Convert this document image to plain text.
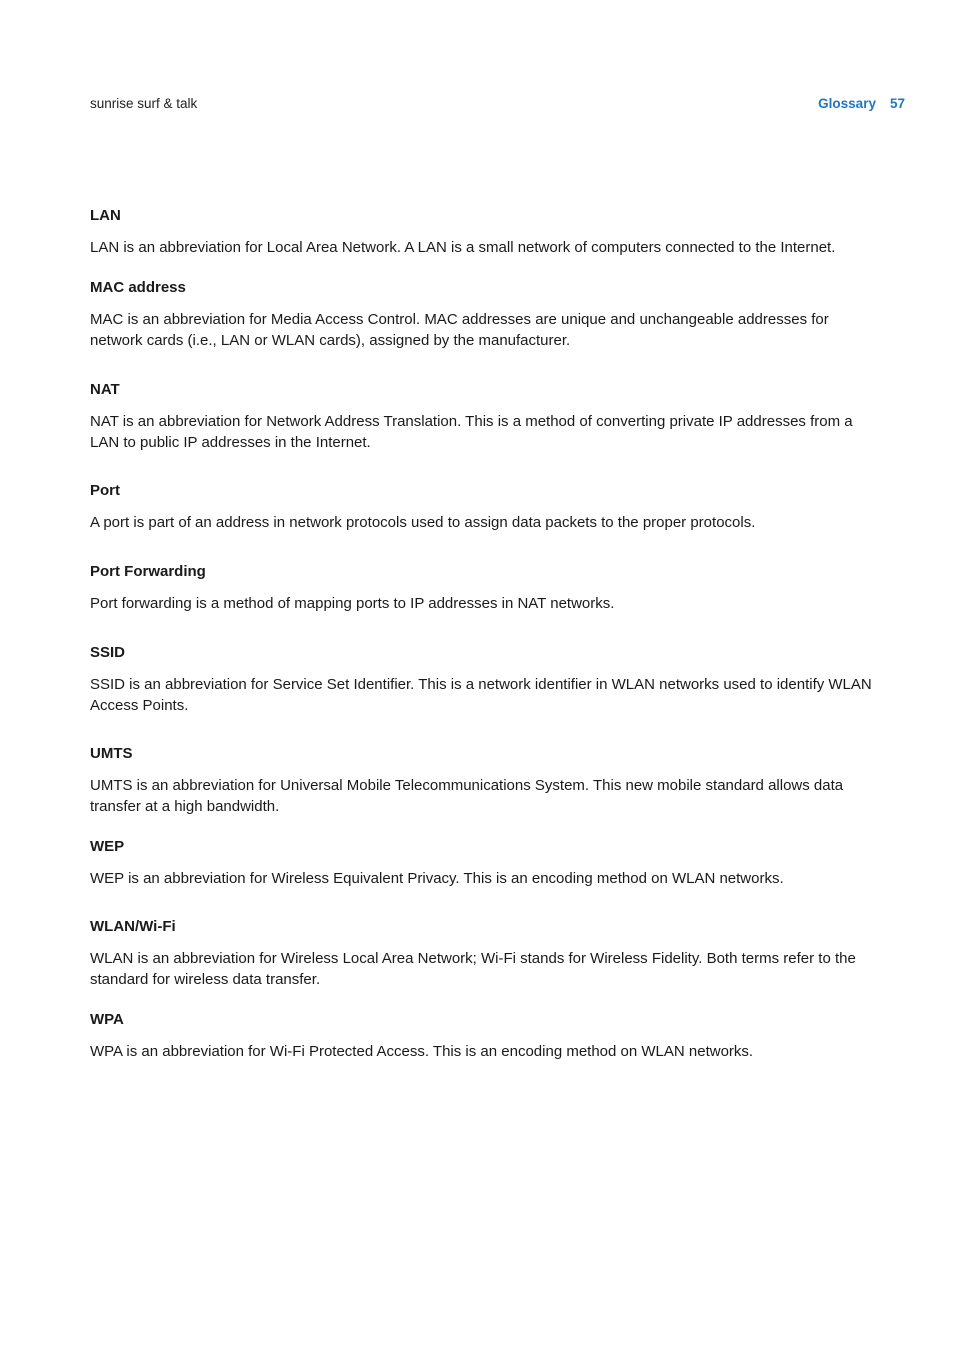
sunrise surf & talk	Glossary 57
LAN
LAN is an abbreviation for Local Area Network. A LAN is a small network of computers connected to the Internet.
MAC address
MAC is an abbreviation for Media Access Control. MAC addresses are unique and unchangeable addresses for network cards (i.e., LAN or WLAN cards), assigned by the manufacturer.
NAT
NAT is an abbreviation for Network Address Translation. This is a method of converting private IP addresses from a LAN to public IP addresses in the Internet.
Port
A port is part of an address in network protocols used to assign data packets to the proper protocols.
Port Forwarding
Port forwarding is a method of mapping ports to IP addresses in NAT networks.
SSID
SSID is an abbreviation for Service Set Identifier. This is a network identifier in WLAN networks used to identify WLAN Access Points.
UMTS
UMTS is an abbreviation for Universal Mobile Telecommunications System. This new mobile standard allows data transfer at a high bandwidth.
WEP
WEP is an abbreviation for Wireless Equivalent Privacy. This is an encoding method on WLAN networks.
WLAN/Wi-Fi
WLAN is an abbreviation for Wireless Local Area Network; Wi-Fi stands for Wireless Fidelity. Both terms refer to the standard for wireless data transfer.
WPA
WPA is an abbreviation for Wi-Fi Protected Access. This is an encoding method on WLAN networks.
